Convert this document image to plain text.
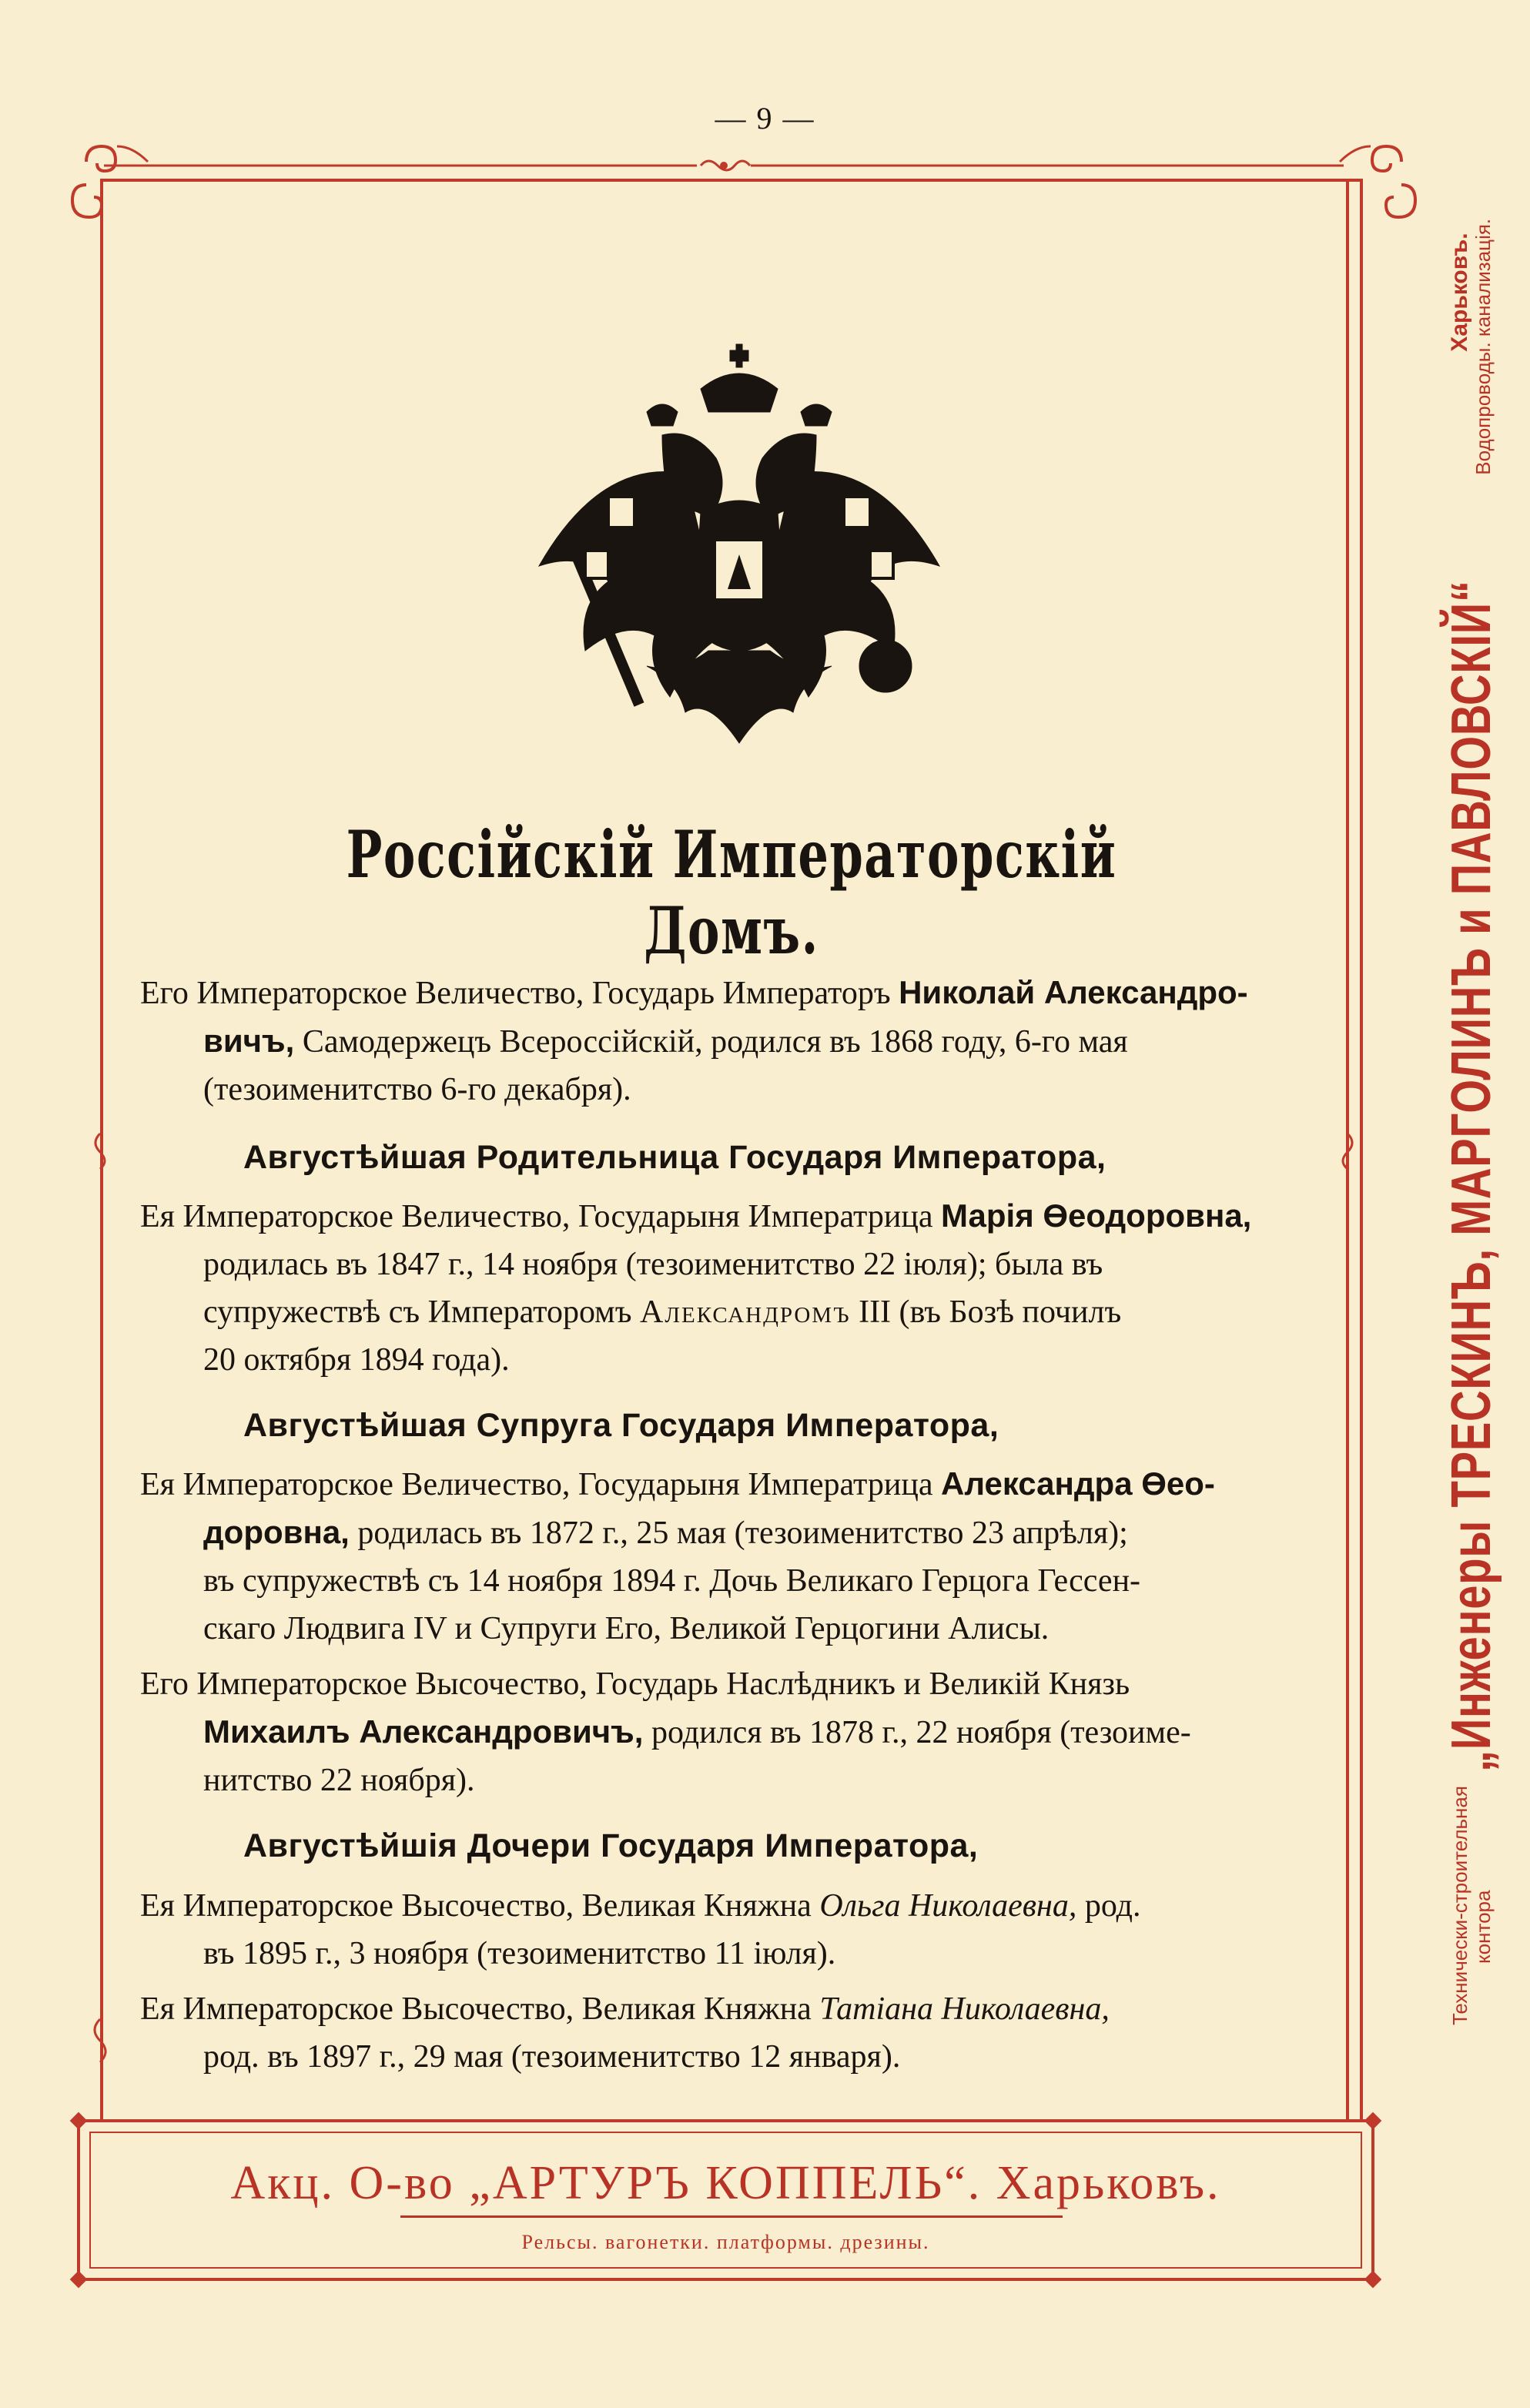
— 9 —
Россiйскiй Императорскiй Домъ.

Его Императорское Величество, Государь Императоръ Николай Александро-
вичъ, Самодержецъ Всероссiйскiй, родился въ 1868 году, 6-го мая
(тезоименитство 6-го декабря).

Августѣйшая Родительница Государя Императора,

Ея Императорское Величество, Государыня Императрица Марiя Өеодоровна,
родилась въ 1847 г., 14 ноября (тезоименитство 22 iюля); была въ
супружествѣ съ Императоромъ Александромъ III (въ Бозѣ почилъ
20 октября 1894 года).

Августѣйшая Супруга Государя Императора,

Ея Императорское Величество, Государыня Императрица Александра Өео-
доровна, родилась въ 1872 г., 25 мая (тезоименитство 23 апрѣля);
въ супружествѣ съ 14 ноября 1894 г. Дочь Великаго Герцога Гессен-
скаго Людвига IV и Супруги Его, Великой Герцогини Алисы.

Его Императорское Высочество, Государь Наслѣдникъ и Великiй Князь
Михаилъ Александровичъ, родился въ 1878 г., 22 ноября (тезоиме-
нитство 22 ноября).

Августѣйшiя Дочери Государя Императора,

Ея Императорское Высочество, Великая Княжна Ольга Николаевна, род.
въ 1895 г., 3 ноября (тезоименитство 11 iюля).

Ея Императорское Высочество, Великая Княжна Татiана Николаевна,
род. въ 1897 г., 29 мая (тезоименитство 12 января).

Акц. О-во „АРТУРЪ КОППЕЛЬ“. Харьковъ.
Рельсы. вагонетки. платформы. дрезины.
Технически-строительная контора
„Инженеры ТРЕСКИНЪ, МАРГОЛИНЪ и ПАВЛОВСКIЙ“
Харьковъ. Водопроводы. канализацiя.
